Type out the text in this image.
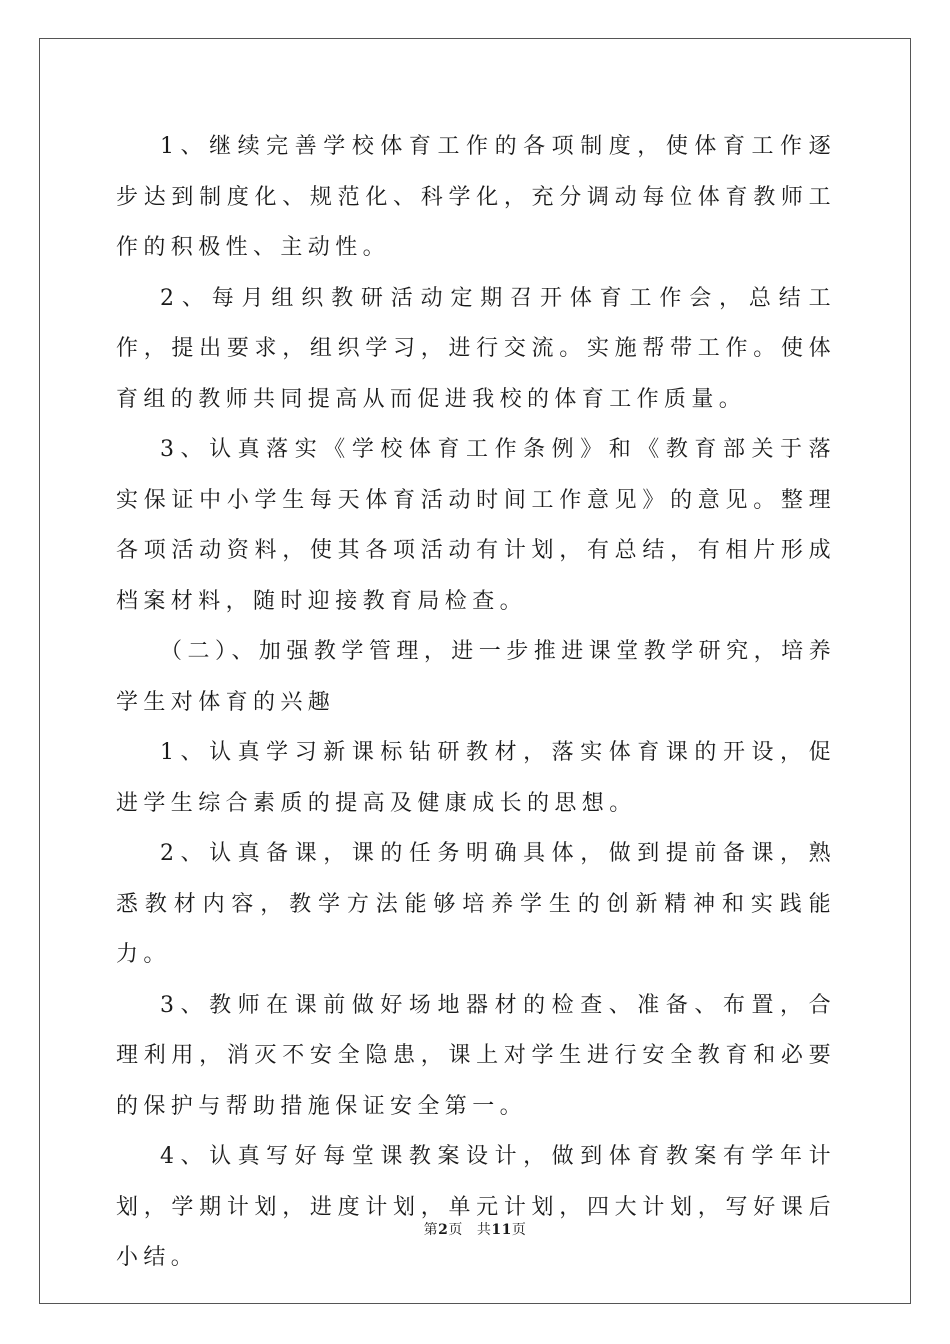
1、继续完善学校体育工作的各项制度，使体育工作逐步达到制度化、规范化、科学化，充分调动每位体育教师工作的积极性、主动性。

2、每月组织教研活动定期召开体育工作会，总结工作，提出要求，组织学习，进行交流。实施帮带工作。使体育组的教师共同提高从而促进我校的体育工作质量。

3、认真落实《学校体育工作条例》和《教育部关于落实保证中小学生每天体育活动时间工作意见》的意见。整理各项活动资料，使其各项活动有计划，有总结，有相片形成档案材料，随时迎接教育局检查。

（二）、加强教学管理，进一步推进课堂教学研究，培养学生对体育的兴趣

1、认真学习新课标钻研教材，落实体育课的开设，促进学生综合素质的提高及健康成长的思想。

2、认真备课，课的任务明确具体，做到提前备课，熟悉教材内容，教学方法能够培养学生的创新精神和实践能力。

3、教师在课前做好场地器材的检查、准备、布置，合理利用，消灭不安全隐患，课上对学生进行安全教育和必要的保护与帮助措施保证安全第一。

4、认真写好每堂课教案设计，做到体育教案有学年计划，学期计划，进度计划，单元计划，四大计划，写好课后小结。

第2页 共11页
